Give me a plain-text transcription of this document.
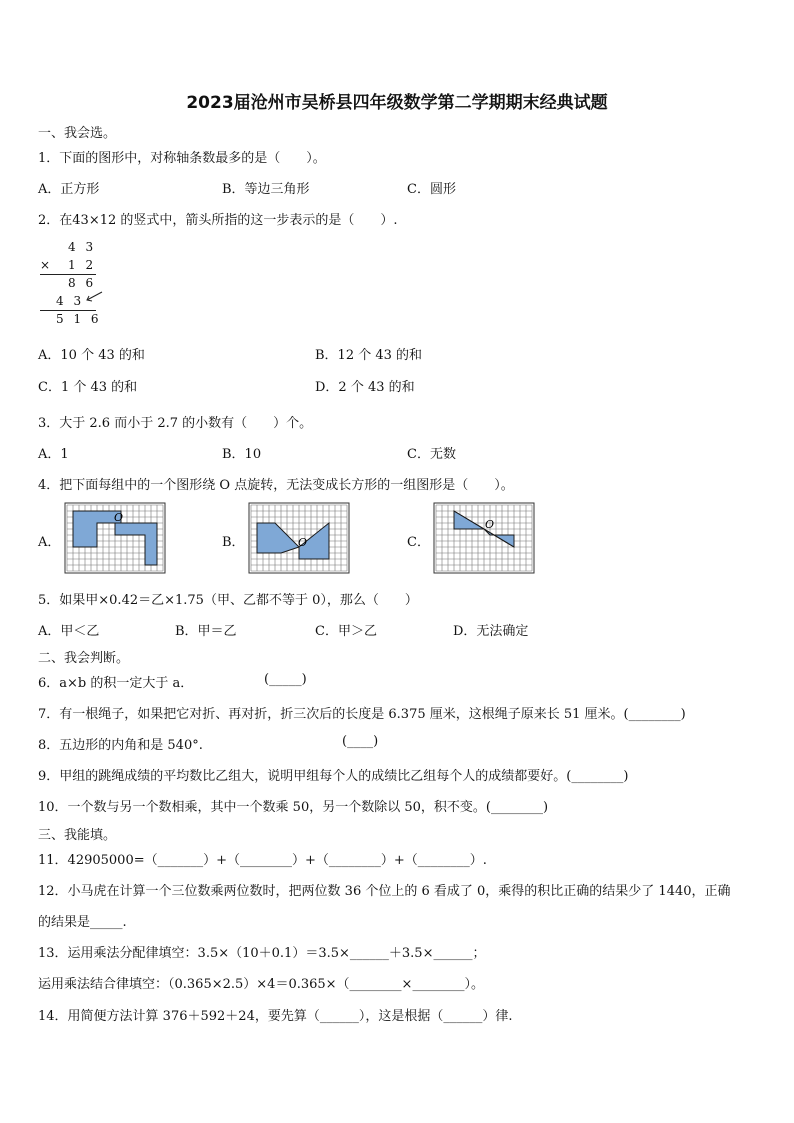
2023届沧州市吴桥县四年级数学第二学期期末经典试题
一、我会选。
1．下面的图形中，对称轴条数最多的是（　　）。
A．正方形	B．等边三角形	C．圆形
2．在43×12 的竖式中，箭头所指的这一步表示的是（　　）.
4 3
× 1 2
8 6
4 3
5 1 6
A．10 个 43 的和	B．12 个 43 的和
C．1 个 43 的和	D．2 个 43 的和
3．大于 2.6 而小于 2.7 的小数有（　　）个。
A．1	B．10	C．无数
4．把下面每组中的一个图形绕 O 点旋转，无法变成长方形的一组图形是（　　）。
A．	B．	C．
O
O
O
5．如果甲×0.42＝乙×1.75（甲、乙都不等于 0），那么（　　）
A．甲＜乙	B．甲＝乙	C．甲＞乙	D．无法确定
二、我会判断。
6．a×b 的积一定大于 a．	(_____)
7．有一根绳子，如果把它对折、再对折，折三次后的长度是 6.375 厘米，这根绳子原来长 51 厘米。(________)
8．五边形的内角和是 540°.	(____)
9．甲组的跳绳成绩的平均数比乙组大，说明甲组每个人的成绩比乙组每个人的成绩都要好。(________)
10．一个数与另一个数相乘，其中一个数乘 50，另一个数除以 50，积不变。(________)
三、我能填。
11．42905000=（_______）+（________）+（________）+（________）.
12．小马虎在计算一个三位数乘两位数时，把两位数 36 个位上的 6 看成了 0，乘得的积比正确的结果少了 1440，正确
的结果是_____.
13．运用乘法分配律填空：3.5×（10＋0.1）＝3.5×______＋3.5×______；
运用乘法结合律填空：（0.365×2.5）×4＝0.365×（________×________）。
14．用简便方法计算 376＋592＋24，要先算（______），这是根据（______）律.
